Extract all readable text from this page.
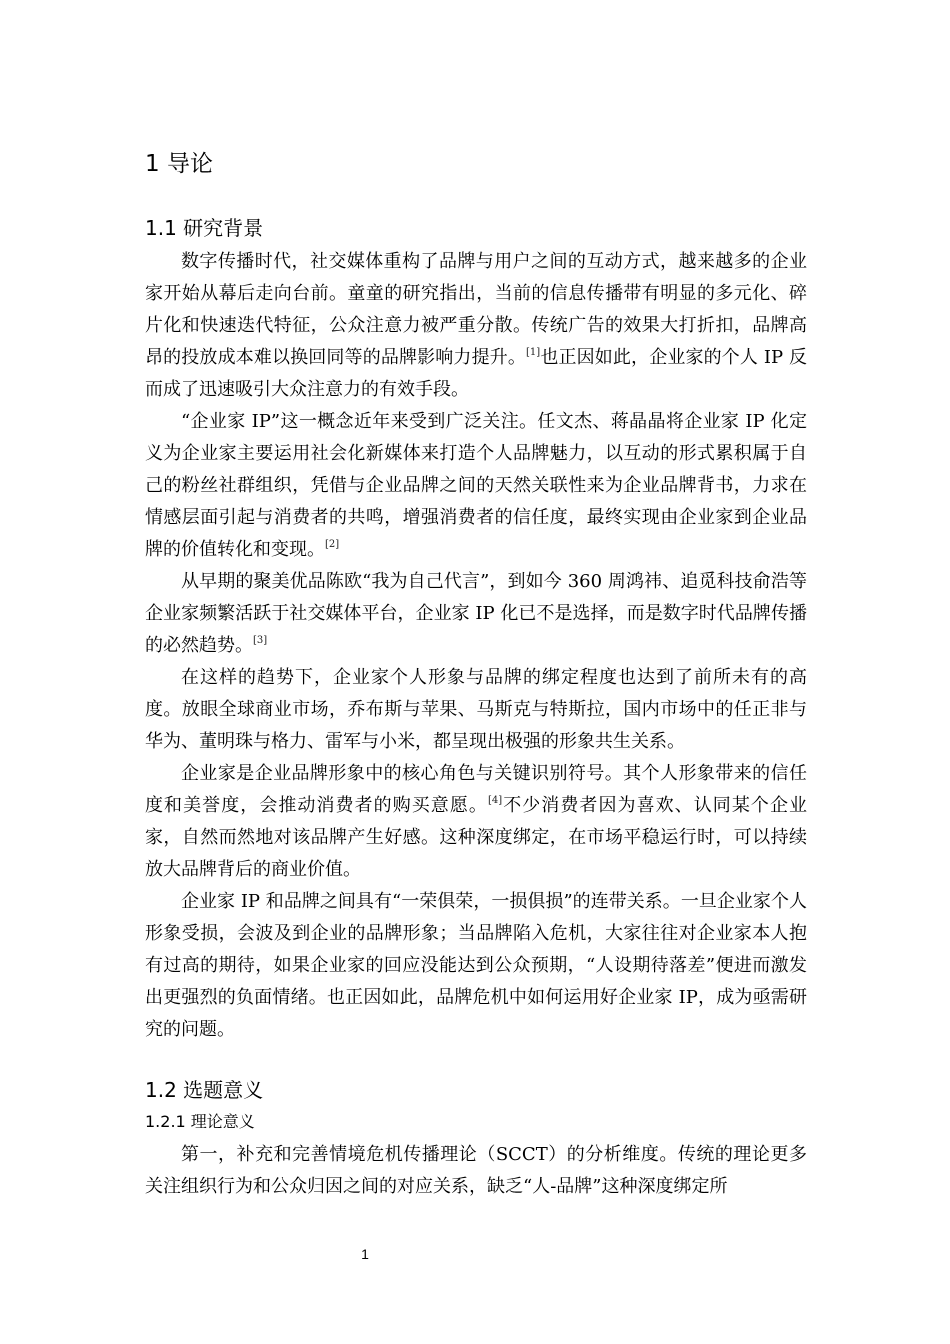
1 导论
1.1 研究背景

数字传播时代，社交媒体重构了品牌与用户之间的互动方式，越来越多的企业家开始从幕后走向台前。童童的研究指出，当前的信息传播带有明显的多元化、碎片化和快速迭代特征，公众注意力被严重分散。传统广告的效果大打折扣，品牌高昂的投放成本难以换回同等的品牌影响力提升。[1]也正因如此，企业家的个人 IP 反而成了迅速吸引大众注意力的有效手段。

“企业家 IP”这一概念近年来受到广泛关注。任文杰、蒋晶晶将企业家 IP 化定义为企业家主要运用社会化新媒体来打造个人品牌魅力，以互动的形式累积属于自己的粉丝社群组织，凭借与企业品牌之间的天然关联性来为企业品牌背书，力求在情感层面引起与消费者的共鸣，增强消费者的信任度，最终实现由企业家到企业品牌的价值转化和变现。[2]

从早期的聚美优品陈欧“我为自己代言”，到如今 360 周鸿祎、追觅科技俞浩等企业家频繁活跃于社交媒体平台，企业家 IP 化已不是选择，而是数字时代品牌传播的必然趋势。[3]

在这样的趋势下，企业家个人形象与品牌的绑定程度也达到了前所未有的高度。放眼全球商业市场，乔布斯与苹果、马斯克与特斯拉，国内市场中的任正非与华为、董明珠与格力、雷军与小米，都呈现出极强的形象共生关系。

企业家是企业品牌形象中的核心角色与关键识别符号。其个人形象带来的信任度和美誉度，会推动消费者的购买意愿。[4]不少消费者因为喜欢、认同某个企业家，自然而然地对该品牌产生好感。这种深度绑定，在市场平稳运行时，可以持续放大品牌背后的商业价值。

企业家 IP 和品牌之间具有“一荣俱荣，一损俱损”的连带关系。一旦企业家个人形象受损，会波及到企业的品牌形象；当品牌陷入危机，大家往往对企业家本人抱有过高的期待，如果企业家的回应没能达到公众预期，“人设期待落差”便进而激发出更强烈的负面情绪。也正因如此，品牌危机中如何运用好企业家 IP，成为亟需研究的问题。

1.2 选题意义
1.2.1 理论意义

第一，补充和完善情境危机传播理论（SCCT）的分析维度。传统的理论更多关注组织行为和公众归因之间的对应关系，缺乏“人-品牌”这种深度绑定所

1
